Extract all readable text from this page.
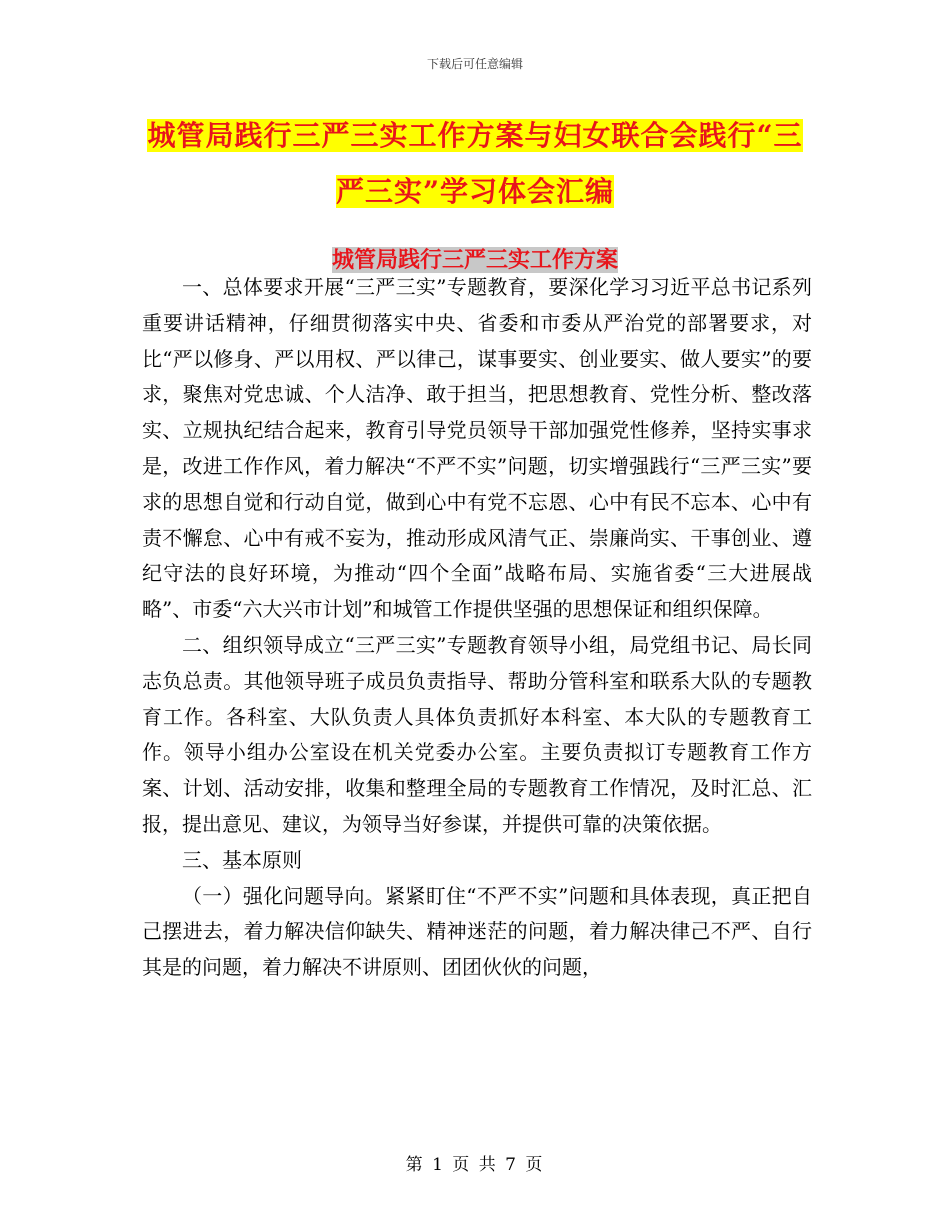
下载后可任意编辑
城管局践行三严三实工作方案与妇女联合会践行“三严三实”学习体会汇编
城管局践行三严三实工作方案

一、总体要求开展“三严三实”专题教育，要深化学习习近平总书记系列重要讲话精神，仔细贯彻落实中央、省委和市委从严治党的部署要求，对比“严以修身、严以用权、严以律己，谋事要实、创业要实、做人要实”的要求，聚焦对党忠诚、个人洁净、敢于担当，把思想教育、党性分析、整改落实、立规执纪结合起来，教育引导党员领导干部加强党性修养，坚持实事求是，改进工作作风，着力解决“不严不实”问题，切实增强践行“三严三实”要求的思想自觉和行动自觉，做到心中有党不忘恩、心中有民不忘本、心中有责不懈怠、心中有戒不妄为，推动形成风清气正、崇廉尚实、干事创业、遵纪守法的良好环境，为推动“四个全面”战略布局、实施省委“三大进展战略”、市委“六大兴市计划”和城管工作提供坚强的思想保证和组织保障。

二、组织领导成立“三严三实”专题教育领导小组，局党组书记、局长同志负总责。其他领导班子成员负责指导、帮助分管科室和联系大队的专题教育工作。各科室、大队负责人具体负责抓好本科室、本大队的专题教育工作。领导小组办公室设在机关党委办公室。主要负责拟订专题教育工作方案、计划、活动安排，收集和整理全局的专题教育工作情况，及时汇总、汇报，提出意见、建议，为领导当好参谋，并提供可靠的决策依据。

三、基本原则

（一）强化问题导向。紧紧盯住“不严不实”问题和具体表现，真正把自己摆进去，着力解决信仰缺失、精神迷茫的问题，着力解决律己不严、自行其是的问题，着力解决不讲原则、团团伙伙的问题，

第 1 页 共 7 页
